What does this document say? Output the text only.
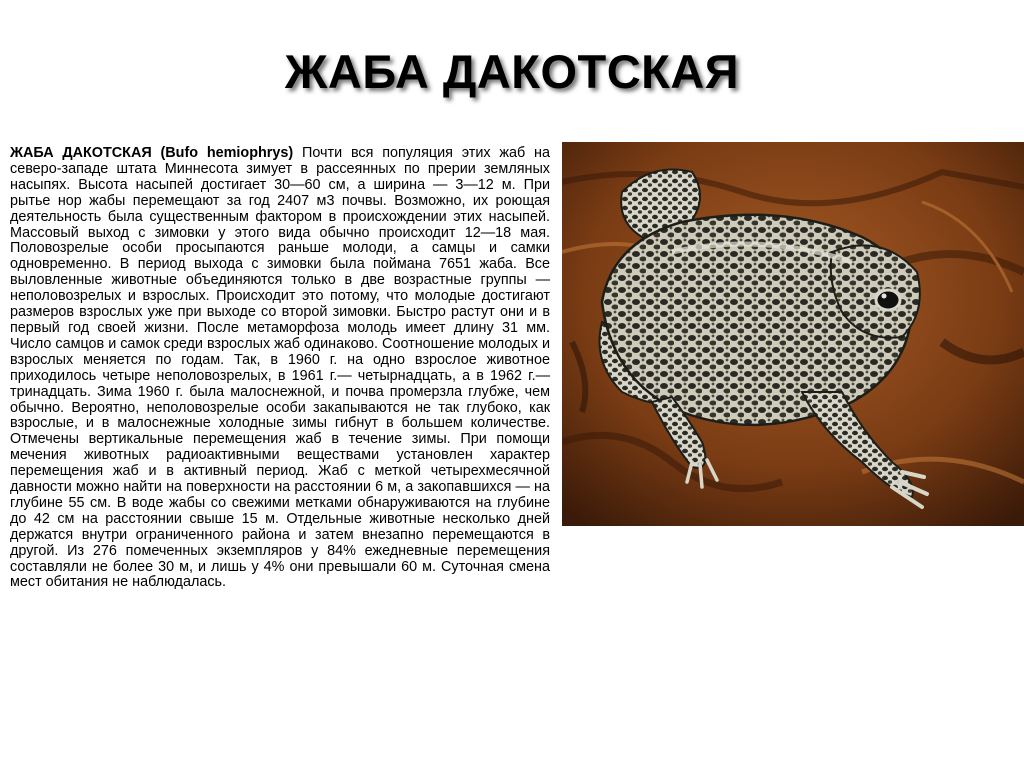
ЖАБА ДАКОТСКАЯ

ЖАБА ДАКОТСКАЯ (Bufo hemiophrys) Почти вся популяция этих жаб на северо-западе штата Миннесота зимует в рассеянных по прерии земляных насыпях. Высота насыпей достигает 30—60 см, а ширина — 3—12 м. При рытье нор жабы перемещают за год 2407 м3 почвы. Возможно, их роющая деятельность была существенным фактором в происхождении этих насыпей. Массовый выход с зимовки у этого вида обычно происходит 12—18 мая. Половозрелые особи просыпаются раньше молоди, а самцы и самки одновременно. В период выхода с зимовки была поймана 7651 жаба. Все выловленные животные объединяются только в две возрастные группы — неполовозрелых и взрослых. Происходит это потому, что молодые достигают размеров взрослых уже при выходе со второй зимовки. Быстро растут они и в первый год своей жизни. После метаморфоза молодь имеет длину 31 мм. Число самцов и самок среди взрослых жаб одинаково. Соотношение молодых и взрослых меняется по годам. Так, в 1960 г. на одно взрослое животное приходилось четыре неполовозрелых, в 1961 г.— четырнадцать, а в 1962 г.— тринадцать. Зима 1960 г. была малоснежной, и почва промерзла глубже, чем обычно. Вероятно, неполовозрелые особи закапываются не так глубоко, как взрослые, и в малоснежные холодные зимы гибнут в большем количестве. Отмечены вертикальные перемещения жаб в течение зимы. При помощи мечения животных радиоактивными веществами установлен характер перемещения жаб и в активный период. Жаб с меткой четырехмесячной давности можно найти на поверхности на расстоянии 6 м, а закопавшихся — на глубине 55 см. В воде жабы со свежими метками обнаруживаются на глубине до 42 см на расстоянии свыше 15 м. Отдельные животные несколько дней держатся внутри ограниченного района и затем внезапно перемещаются в другой. Из 276 помеченных экземпляров у 84% ежедневные перемещения составляли не более 30 м, и лишь у 4% они превышали 60 м. Суточная смена мест обитания не наблюдалась.
